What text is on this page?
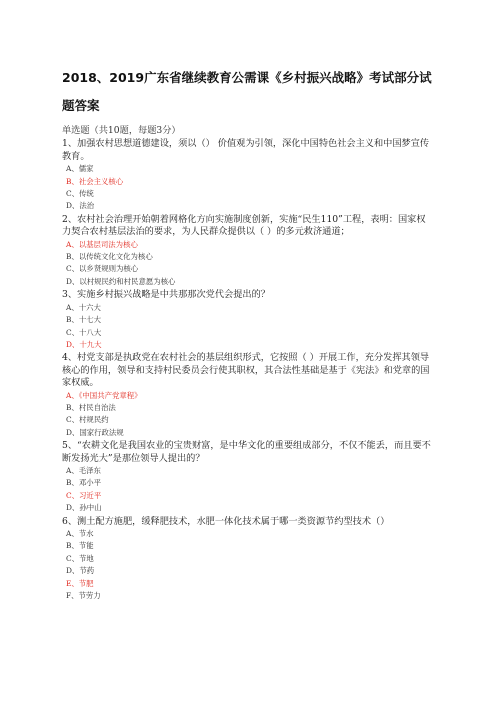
2018、2019广东省继续教育公需课《乡村振兴战略》考试部分试题答案
单选题（共10题，每题3分）
1、加强农村思想道德建设，须以（） 价值观为引领，深化中国特色社会主义和中国梦宣传教育。
A、儒家
B、社会主义核心
C、传统
D、法治
2、农村社会治理开始朝着网格化方向实施制度创新，实施“民生110”工程，表明：国家权力契合农村基层法治的要求，为人民群众提供以（ ）的多元救济通道；
A、以基层司法为核心
B、以传统文化文化为核心
C、以乡贤规则为核心
D、以村规民约和村民意愿为核心
3、实施乡村振兴战略是中共那那次党代会提出的？
A、十六大
B、十七大
C、十八大
D、十九大
4、村党支部是执政党在农村社会的基层组织形式，它按照（ ）开展工作，充分发挥其领导核心的作用，领导和支持村民委员会行使其职权，其合法性基础是基于《宪法》和党章的国家权威。
A、《中国共产党章程》
B、村民自治法
C、村规民约
D、国家行政法规
5、“农耕文化是我国农业的宝贵财富，是中华文化的重要组成部分，不仅不能丢，而且要不断发扬光大”是那位领导人提出的？
A、毛泽东
B、邓小平
C、习近平
D、孙中山
6、测土配方施肥，缓释肥技术，水肥一体化技术属于哪一类资源节约型技术（）
A、节水
B、节能
C、节地
D、节药
E、节肥
F、节劳力
